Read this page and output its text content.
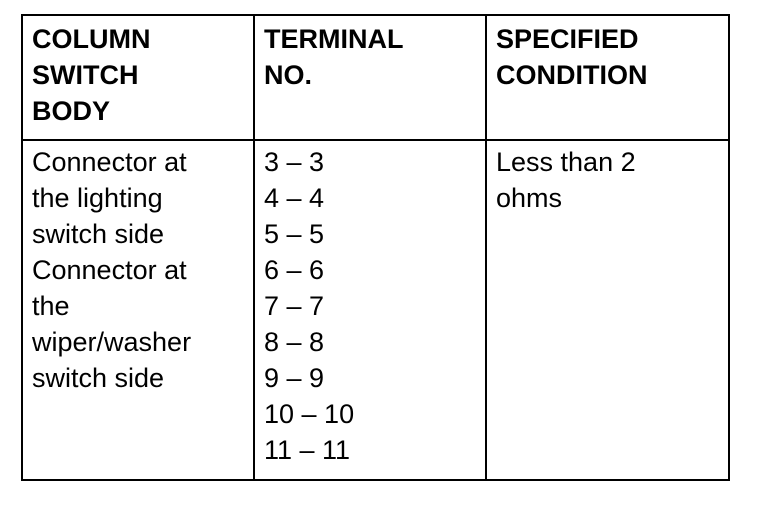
COLUMN
SWITCH
BODY
TERMINAL
NO.
SPECIFIED
CONDITION
Connector at
the lighting
switch side
Connector at
the
wiper/washer
switch side
3 – 3
4 – 4
5 – 5
6 – 6
7 – 7
8 – 8
9 – 9
10 – 10
11 – 11
Less than 2
ohms
